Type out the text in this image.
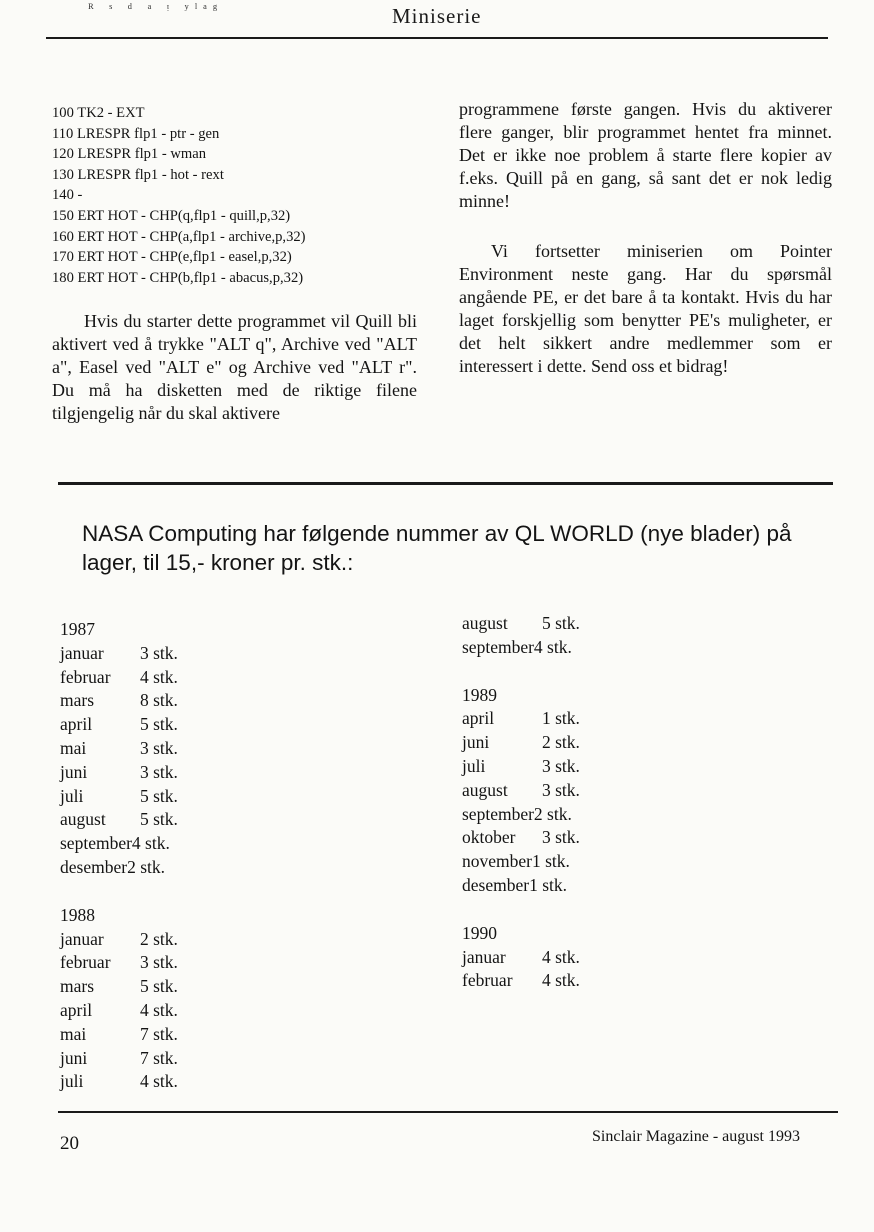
ᴿ ˢ ᵈ ᵃ ᵎ ʸˡᵃᵍ	Miniserie
100 TK2 - EXT
110 LRESPR flp1 - ptr - gen
120 LRESPR flp1 - wman
130 LRESPR flp1 - hot - rext
140 -
150 ERT HOT - CHP(q,flp1 - quill,p,32)
160 ERT HOT - CHP(a,flp1 - archive,p,32)
170 ERT HOT - CHP(e,flp1 - easel,p,32)
180 ERT HOT - CHP(b,flp1 - abacus,p,32)
Hvis du starter dette programmet vil Quill bli aktivert ved å trykke "ALT q", Archive ved "ALT a", Easel ved "ALT e" og Archive ved "ALT r". Du må ha disketten med de riktige filene tilgjengelig når du skal aktivere
programmene første gangen. Hvis du aktiverer flere ganger, blir programmet hentet fra minnet. Det er ikke noe problem å starte flere kopier av f.eks. Quill på en gang, så sant det er nok ledig minne!
Vi fortsetter miniserien om Pointer Environment neste gang. Har du spørsmål angående PE, er det bare å ta kontakt. Hvis du har laget forskjellig som benytter PE's muligheter, er det helt sikkert andre medlemmer som er interessert i dette. Send oss et bidrag!
NASA Computing har følgende nummer av QL WORLD (nye blader) på lager, til 15,- kroner pr. stk.:
1987
januar 3 stk.
februar 4 stk.
mars	8 stk.
april	5 stk.
mai	3 stk.
juni	3 stk.
juli	5 stk.
august 5 stk.
september4 stk.
desember2 stk.
1988
januar 2 stk.
februar 3 stk.
mars	5 stk.
april	4 stk.
mai	7 stk.
juni	7 stk.
juli	4 stk.
august 5 stk.
september4 stk.
1989
april	1 stk.
juni	2 stk.
juli	3 stk.
august 3 stk.
september2 stk.
oktober 3 stk.
november1 stk.
desember1 stk.
1990
januar 4 stk.
februar 4 stk.
20	Sinclair Magazine - august 1993
